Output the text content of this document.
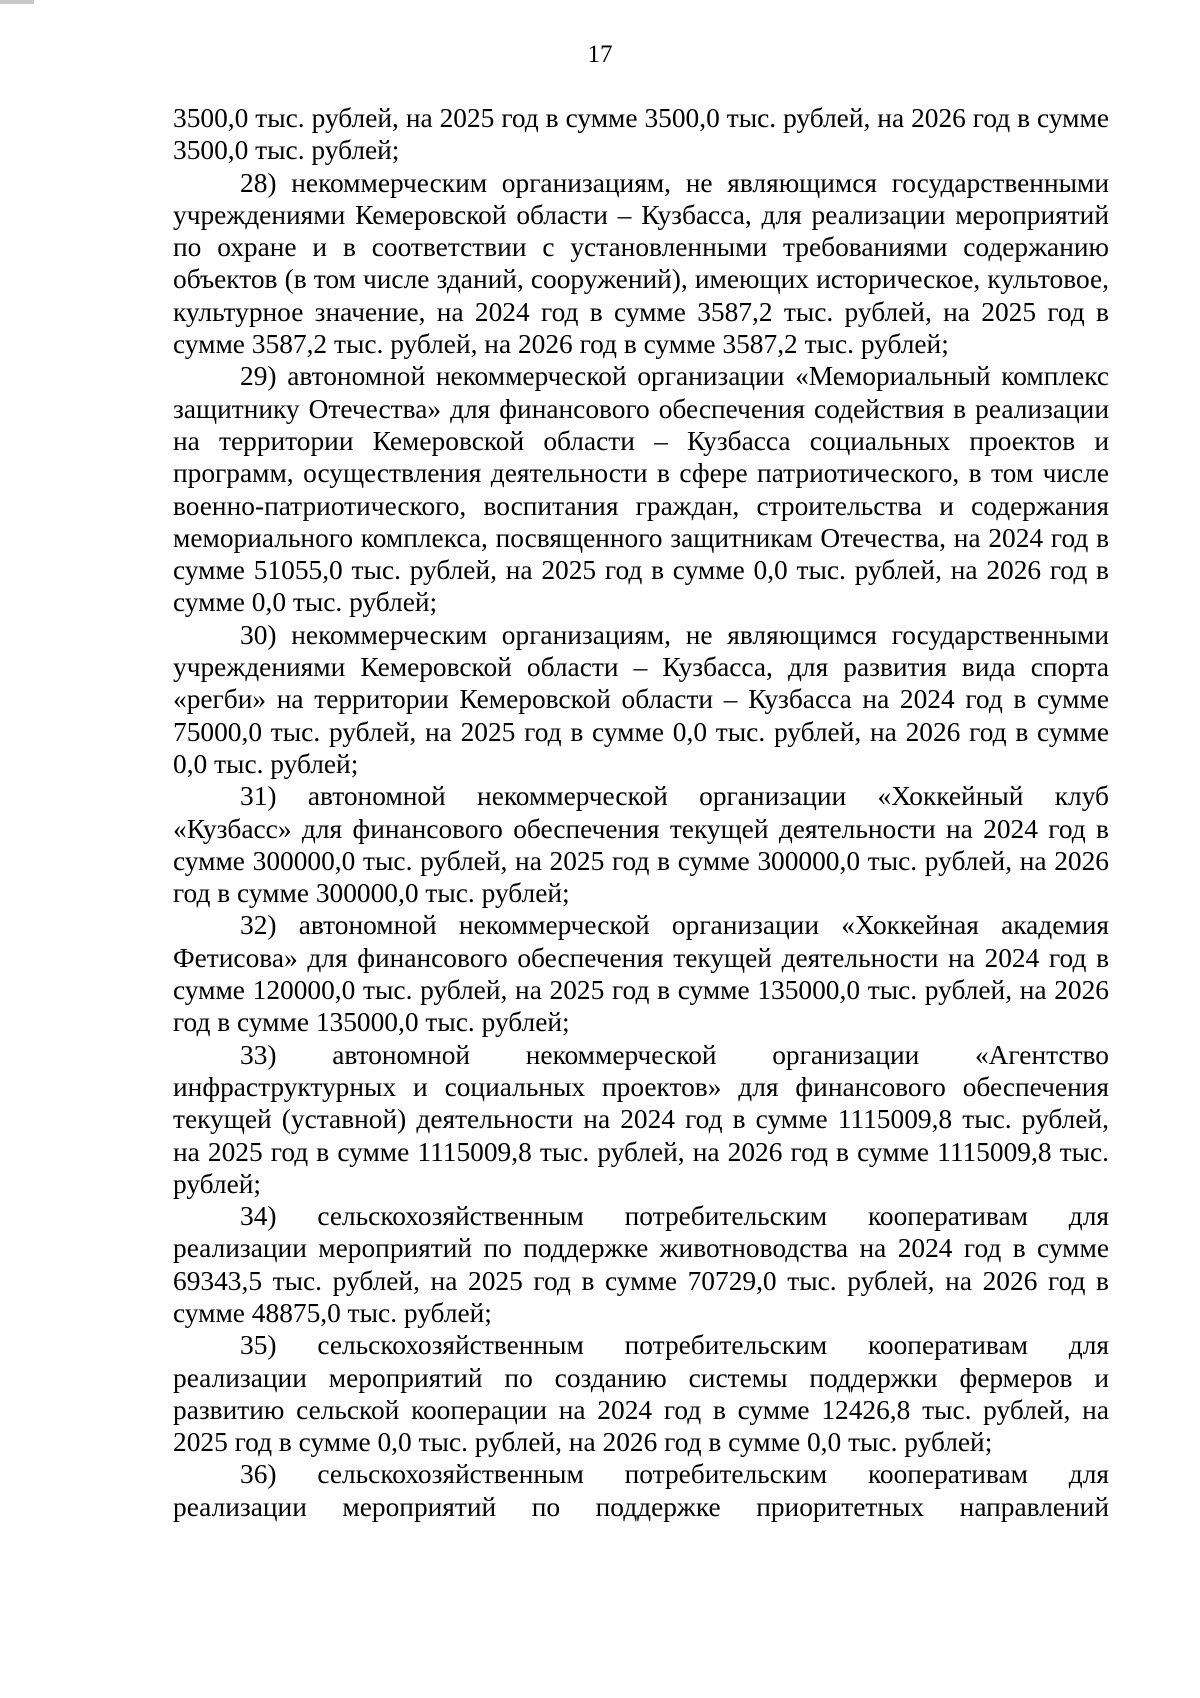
17

3500,0 тыс. рублей, на 2025 год в сумме 3500,0 тыс. рублей, на 2026 год в сумме 3500,0 тыс. рублей;

28) некоммерческим организациям, не являющимся государственными учреждениями Кемеровской области – Кузбасса, для реализации мероприятий по охране и в соответствии с установленными требованиями содержанию объектов (в том числе зданий, сооружений), имеющих историческое, культовое, культурное значение, на 2024 год в сумме 3587,2 тыс. рублей, на 2025 год в сумме 3587,2 тыс. рублей, на 2026 год в сумме 3587,2 тыс. рублей;

29) автономной некоммерческой организации «Мемориальный комплекс защитнику Отечества» для финансового обеспечения содействия в реализации на территории Кемеровской области – Кузбасса социальных проектов и программ, осуществления деятельности в сфере патриотического, в том числе военно-патриотического, воспитания граждан, строительства и содержания мемориального комплекса, посвященного защитникам Отечества, на 2024 год в сумме 51055,0 тыс. рублей, на 2025 год в сумме 0,0 тыс. рублей, на 2026 год в сумме 0,0 тыс. рублей;

30) некоммерческим организациям, не являющимся государственными учреждениями Кемеровской области – Кузбасса, для развития вида спорта «регби» на территории Кемеровской области – Кузбасса на 2024 год в сумме 75000,0 тыс. рублей, на 2025 год в сумме 0,0 тыс. рублей, на 2026 год в сумме 0,0 тыс. рублей;

31) автономной некоммерческой организации «Хоккейный клуб «Кузбасс» для финансового обеспечения текущей деятельности на 2024 год в сумме 300000,0 тыс. рублей, на 2025 год в сумме 300000,0 тыс. рублей, на 2026 год в сумме 300000,0 тыс. рублей;

32) автономной некоммерческой организации «Хоккейная академия Фетисова» для финансового обеспечения текущей деятельности на 2024 год в сумме 120000,0 тыс. рублей, на 2025 год в сумме 135000,0 тыс. рублей, на 2026 год в сумме 135000,0 тыс. рублей;

33) автономной некоммерческой организации «Агентство инфраструктурных и социальных проектов» для финансового обеспечения текущей (уставной) деятельности на 2024 год в сумме 1115009,8 тыс. рублей, на 2025 год в сумме 1115009,8 тыс. рублей, на 2026 год в сумме 1115009,8 тыс. рублей;

34) сельскохозяйственным потребительским кооперативам для реализации мероприятий по поддержке животноводства на 2024 год в сумме 69343,5 тыс. рублей, на 2025 год в сумме 70729,0 тыс. рублей, на 2026 год в сумме 48875,0 тыс. рублей;

35) сельскохозяйственным потребительским кооперативам для реализации мероприятий по созданию системы поддержки фермеров и развитию сельской кооперации на 2024 год в сумме 12426,8 тыс. рублей, на 2025 год в сумме 0,0 тыс. рублей, на 2026 год в сумме 0,0 тыс. рублей;

36) сельскохозяйственным потребительским кооперативам для реализации мероприятий по поддержке приоритетных направлений
